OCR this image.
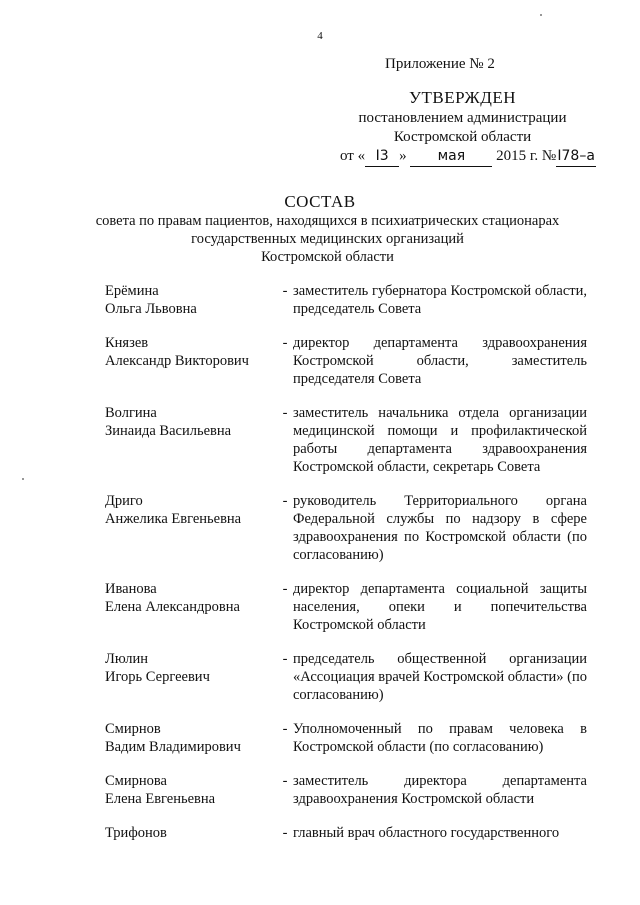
4
Приложение № 2
УТВЕРЖДЕН
постановлением администрации
Костромской области
от « I3 » мая 2015 г. №I78–а
СОСТАВ
совета по правам пациентов, находящихся в психиатрических стационарах
государственных медицинских организаций
Костромской области
Ерёмина
Ольга Львовна
- заместитель губернатора Костромской области, председатель Совета
Князев
Александр Викторович
- директор департамента здравоохранения Костромской области, заместитель председателя Совета
Волгина
Зинаида Васильевна
- заместитель начальника отдела организации медицинской помощи и профилактической работы департамента здравоохранения Костромской области, секретарь Совета
Дриго
Анжелика Евгеньевна
- руководитель Территориального органа Федеральной службы по надзору в сфере здравоохранения по Костромской области (по согласованию)
Иванова
Елена Александровна
- директор департамента социальной защиты населения, опеки и попечительства Костромской области
Люлин
Игорь Сергеевич
- председатель общественной организации «Ассоциация врачей Костромской области» (по согласованию)
Смирнов
Вадим Владимирович
- Уполномоченный по правам человека в Костромской области (по согласованию)
Смирнова
Елена Евгеньевна
- заместитель директора департамента здравоохранения Костромской области
Трифонов	- главный врач областного государственного
